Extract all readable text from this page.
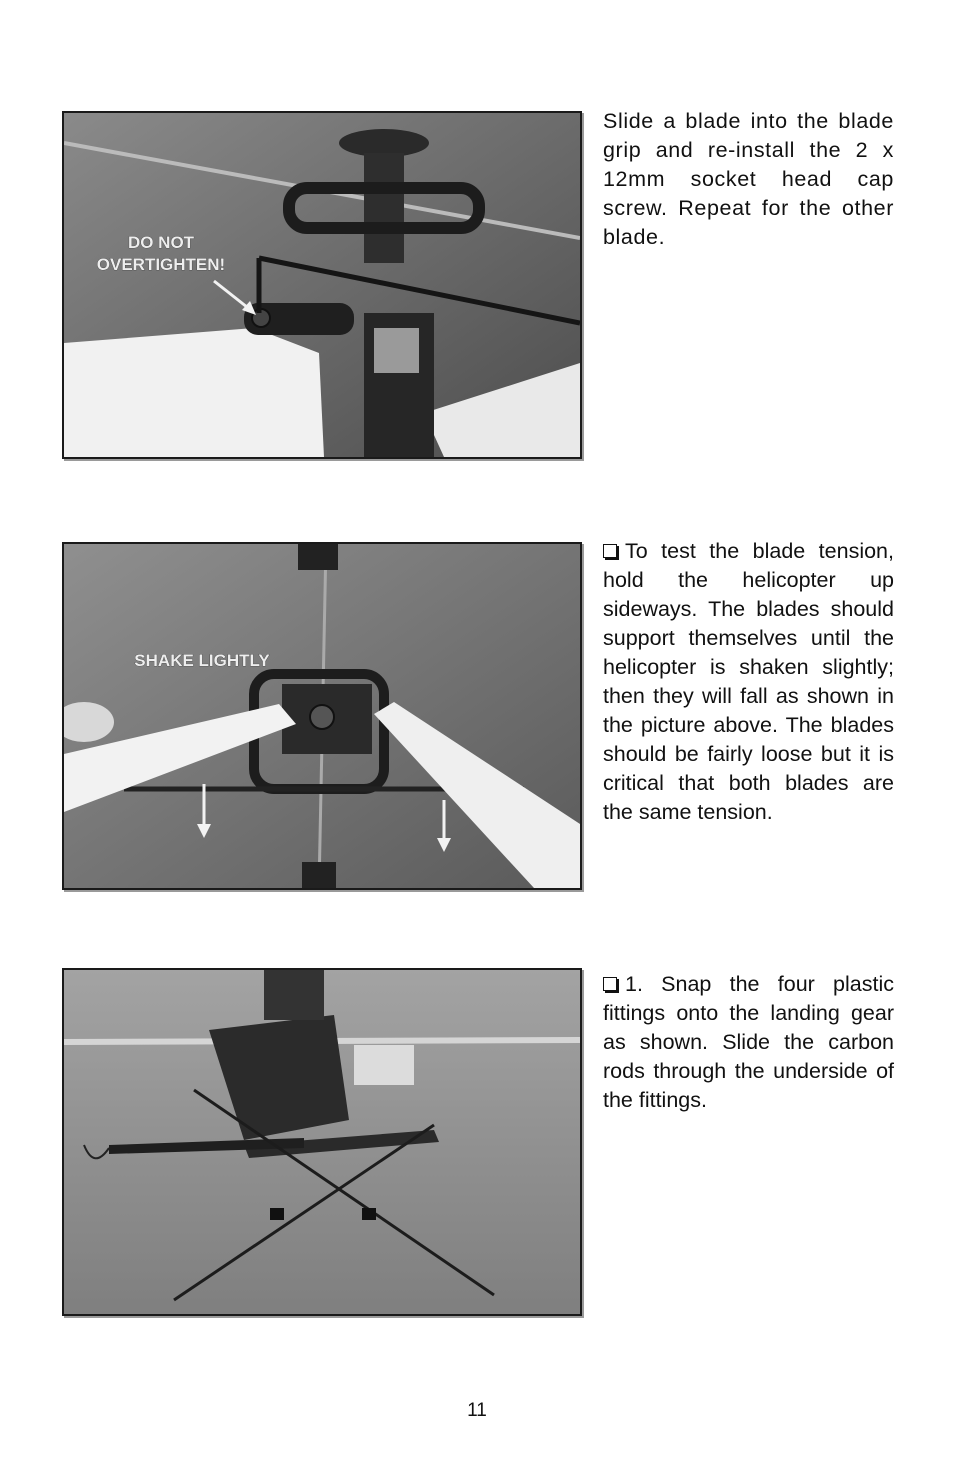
DO NOT
OVERTIGHTEN!

Slide a blade into the blade grip and re-install the 2 x 12mm socket head cap screw. Repeat for the other blade.

SHAKE LIGHTLY

To test the blade tension, hold the helicopter up sideways. The blades should support themselves until the helicopter is shaken slightly; then they will fall as shown in the picture above. The blades should be fairly loose but it is critical that both blades are the same tension.

1. Snap the four plastic fittings onto the landing gear as shown. Slide the carbon rods through the underside of the fittings.

11
